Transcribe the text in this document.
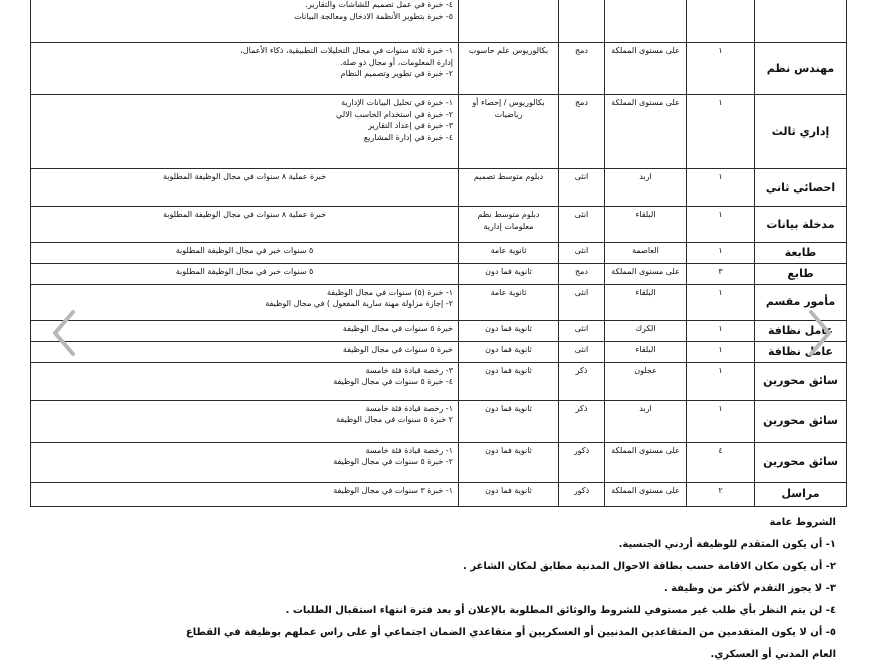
					٤- خبرة في عمل تصميم للشاشات والتقارير.
٥- خبرة بتطوير الأنظمة الادخال ومعالجة البيانات

مهندس نظم	١	على مستوى المملكة	دمج	بكالوريوس علم حاسوب	١- خبرة ثلاثة سنوات في مجال التحليلات التطبيقية، ذكاء الأعمال،
إدارة المعلومات، أو مجال ذو صلة.
٢- خبرة في تطوير وتصميم النظام

إداري ثالث	١	على مستوى المملكة	دمج	بكالوريوس / إحصاء أو رياضيات	١- خبرة في تحليل البيانات الإدارية
٢- خبرة في استخدام الحاسب الالي
٣- خبرة في إعداد التقارير
٤- خبرة في إدارة المشاريع

احصائي ثاني	١	اربد	انثى	دبلوم متوسط تصميم	خبرة عملية ٨ سنوات في مجال الوظيفة المطلوبة

مدخلة بيانات	١	البلقاء	انثى	دبلوم متوسط نظم معلومات إدارية	خبرة عملية ٨ سنوات في مجال الوظيفة المطلوبة

طابعة	١	العاصمة	انثى	ثانوية عامة	٥ سنوات خبر في مجال الوظيفة المطلوبة

طابع	٣	على مستوى المملكة	دمج	ثانوية فما دون	٥ سنوات خبر في مجال الوظيفة المطلوبة

مأمور مقسم	١	البلقاء	انثى	ثانوية عامة	١- خبرة (٥) سنوات في مجال الوظيفة
٢- إجازة مزاولة مهنة سارية المفعول ) في مجال الوظيفة

عامل نظافة	١	الكرك	انثى	ثانوية فما دون	خبرة ٥ سنوات في مجال الوظيفة

عامل نظافة	١	البلقاء	انثى	ثانوية فما دون	خبرة ٥ سنوات في مجال الوظيفة

سائق محورين	١	عجلون	ذكر	ثانوية فما دون	٣- رخصة قيادة فئة خامسة
٤- خبرة ٥ سنوات في مجال الوظيفة

سائق محورين	١	اربد	ذكر	ثانوية فما دون	١- رخصة قيادة فئة خامسة
٢ خبرة ٥ سنوات في مجال الوظيفة

سائق محورين	٤	على مستوى المملكة	ذكور	ثانوية فما دون	١- رخصة قيادة فئة خامسة
٢- خبرة ٥ سنوات في مجال الوظيفة

مراسل	٢	على مستوى المملكة	ذكور	ثانوية فما دون	١- خبرة ٣ سنوات في مجال الوظيفة
الشروط عامة
١- أن يكون المتقدم للوظيفة أردني الجنسية.
٢- أن يكون مكان الاقامة حسب بطاقة الاحوال المدنية مطابق لمكان الشاغر .
٣- لا يجوز التقدم لأكثر من وظيفة .
٤- لن يتم النظر بأي طلب غير مستوفي للشروط والوثائق المطلوبة بالإعلان أو بعد فترة انتهاء استقبال الطلبات .
٥- أن لا يكون المتقدمين من المتقاعدين المدنيين أو العسكريين أو متقاعدي الضمان اجتماعي أو على راس عملهم بوظيفة في القطاع
العام المدني أو العسكري.
